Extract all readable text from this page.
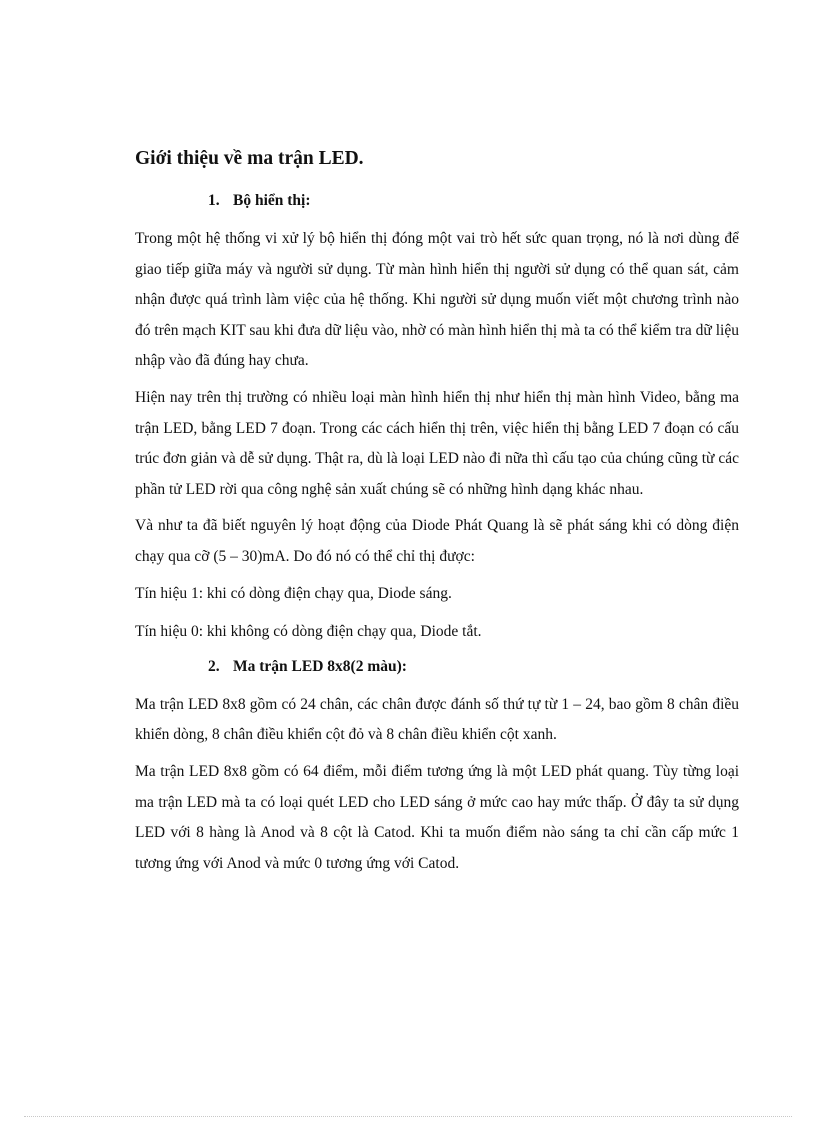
Giới thiệu về ma trận LED.
1. Bộ hiển thị:

Trong một hệ thống vi xử lý bộ hiển thị đóng một vai trò hết sức quan trọng, nó là nơi dùng để giao tiếp giữa máy và người sử dụng. Từ màn hình hiển thị người sử dụng có thể quan sát, cảm nhận được quá trình làm việc của hệ thống. Khi người sử dụng muốn viết một chương trình nào đó trên mạch KIT sau khi đưa dữ liệu vào, nhờ có màn hình hiển thị mà ta có thể kiểm tra dữ liệu nhập vào đã đúng hay chưa.

Hiện nay trên thị trường có nhiều loại màn hình hiển thị như hiển thị màn hình Video, bằng ma trận LED, bằng LED 7 đoạn. Trong các cách hiển thị trên, việc hiển thị bằng LED 7 đoạn có cấu trúc đơn giản và dễ sử dụng. Thật ra, dù là loại LED nào đi nữa thì cấu tạo của chúng cũng từ các phần tử LED rời qua công nghệ sản xuất chúng sẽ có những hình dạng khác nhau.

Và như ta đã biết nguyên lý hoạt động của Diode Phát Quang là sẽ phát sáng khi có dòng điện chạy qua cỡ (5 – 30)mA. Do đó nó có thể chỉ thị được:

Tín hiệu 1: khi có dòng điện chạy qua, Diode sáng.

Tín hiệu 0: khi không có dòng điện chạy qua, Diode tắt.

2. Ma trận LED 8x8(2 màu):

Ma trận LED 8x8 gồm có 24 chân, các chân được đánh số thứ tự từ 1 – 24, bao gồm 8 chân điều khiển dòng, 8 chân điều khiển cột đỏ và 8 chân điều khiển cột xanh.

Ma trận LED 8x8 gồm có 64 điểm, mỗi điểm tương ứng là một LED phát quang. Tùy từng loại ma trận LED mà ta có loại quét LED cho LED sáng ở mức cao hay mức thấp. Ở đây ta sử dụng LED với 8 hàng là Anod và 8 cột là Catod. Khi ta muốn điểm nào sáng ta chỉ cần cấp mức 1 tương ứng với Anod và mức 0 tương ứng với Catod.
